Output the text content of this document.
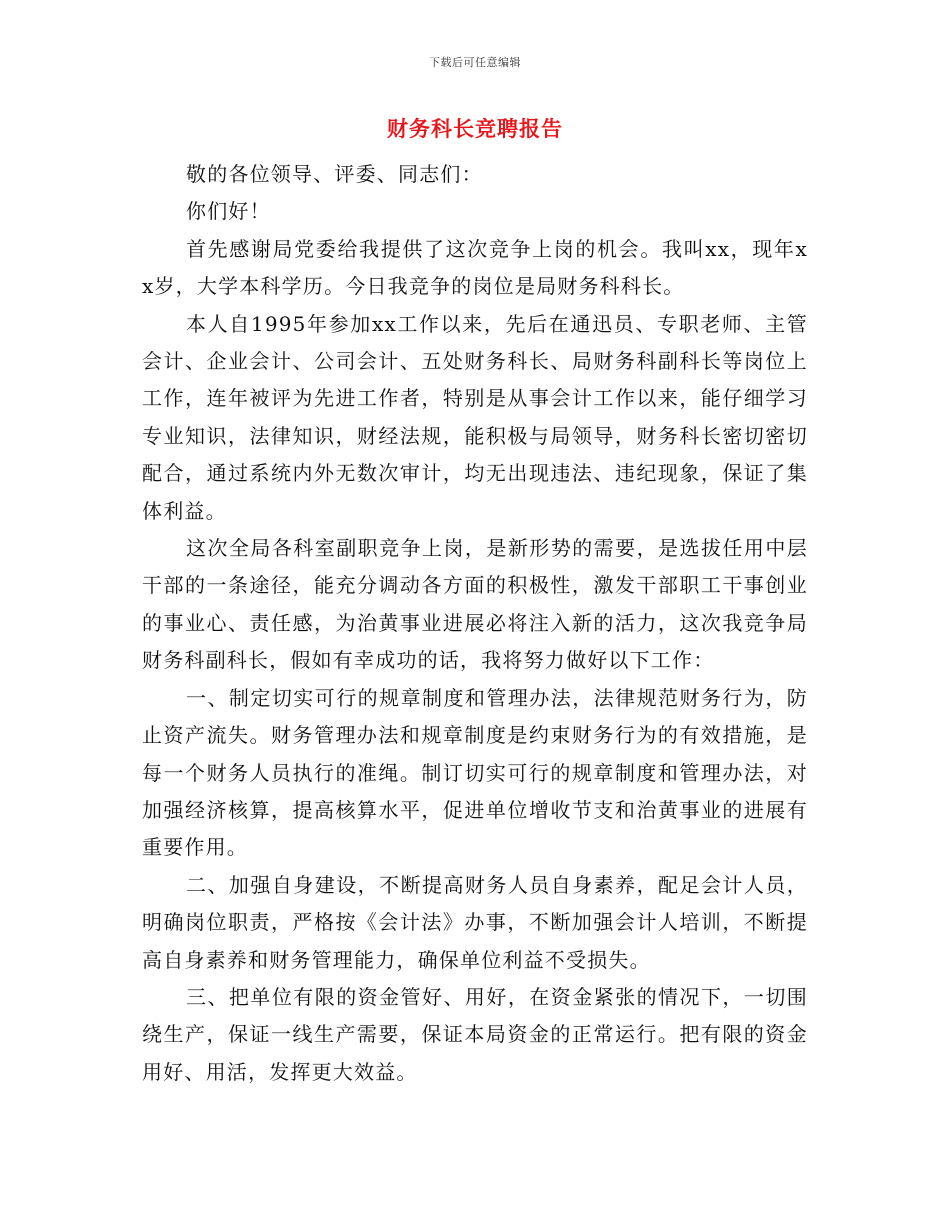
下载后可任意编辑
财务科长竞聘报告

敬的各位领导、评委、同志们：

你们好！

首先感谢局党委给我提供了这次竞争上岗的机会。我叫xx，现年xx岁，大学本科学历。今日我竞争的岗位是局财务科科长。

本人自1995年参加xx工作以来，先后在通迅员、专职老师、主管会计、企业会计、公司会计、五处财务科长、局财务科副科长等岗位上工作，连年被评为先进工作者，特别是从事会计工作以来，能仔细学习专业知识，法律知识，财经法规，能积极与局领导，财务科长密切密切配合，通过系统内外无数次审计，均无出现违法、违纪现象，保证了集体利益。

这次全局各科室副职竞争上岗，是新形势的需要，是选拔任用中层干部的一条途径，能充分调动各方面的积极性，激发干部职工干事创业的事业心、责任感，为治黄事业进展必将注入新的活力，这次我竞争局财务科副科长，假如有幸成功的话，我将努力做好以下工作：

一、制定切实可行的规章制度和管理办法，法律规范财务行为，防止资产流失。财务管理办法和规章制度是约束财务行为的有效措施，是每一个财务人员执行的准绳。制订切实可行的规章制度和管理办法，对加强经济核算，提高核算水平，促进单位增收节支和治黄事业的进展有重要作用。

二、加强自身建设，不断提高财务人员自身素养，配足会计人员，明确岗位职责，严格按《会计法》办事，不断加强会计人培训，不断提高自身素养和财务管理能力，确保单位利益不受损失。

三、把单位有限的资金管好、用好，在资金紧张的情况下，一切围绕生产，保证一线生产需要，保证本局资金的正常运行。把有限的资金用好、用活，发挥更大效益。
